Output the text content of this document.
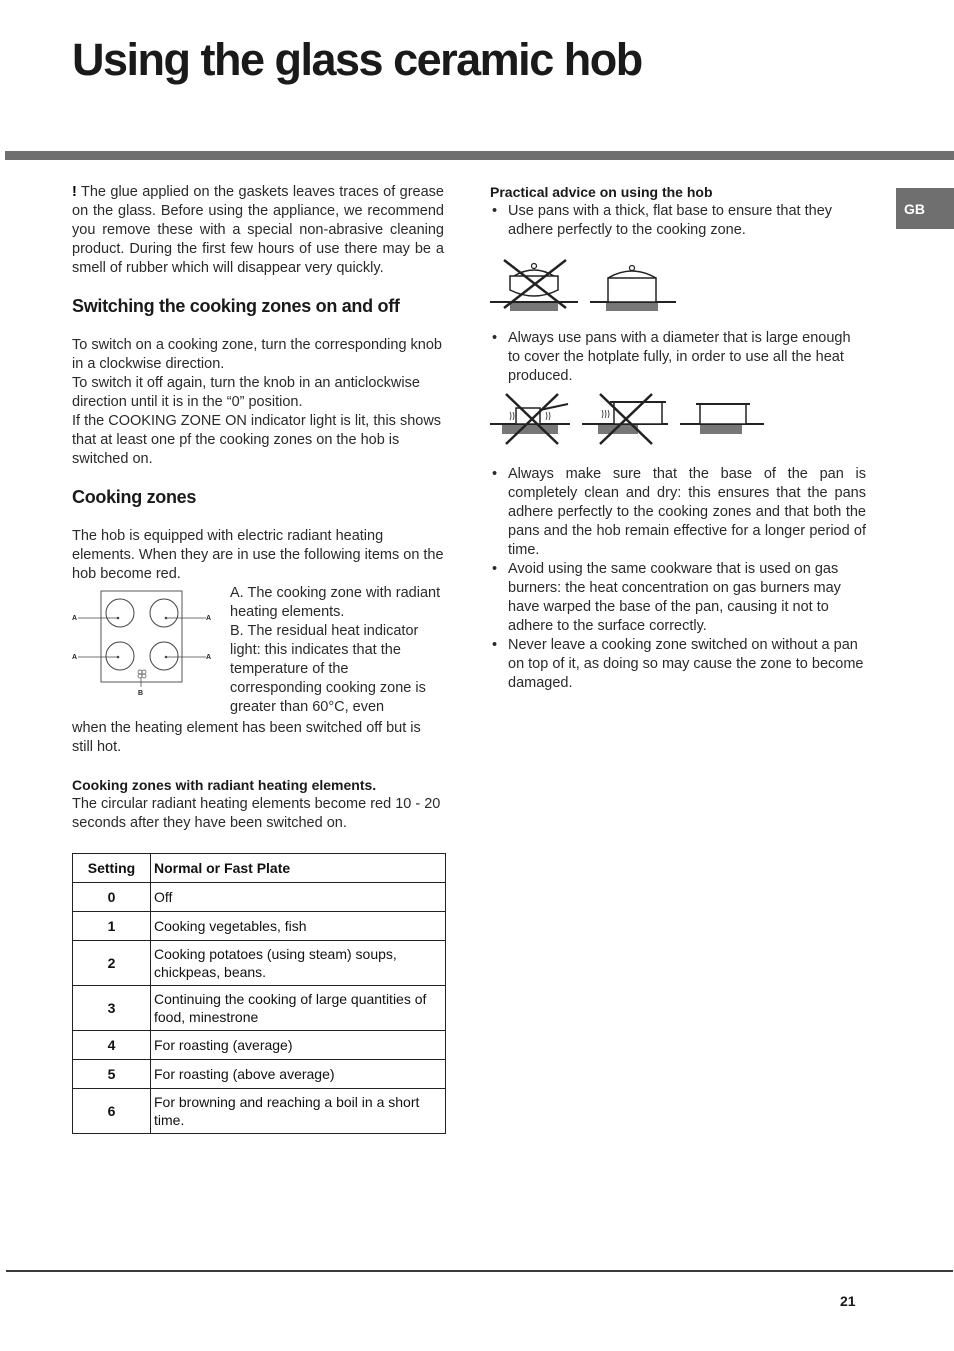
Using the glass ceramic hob
GB

! The glue applied on the gaskets leaves traces of grease on the glass. Before using the appliance, we recommend you remove these with a special non-abrasive cleaning product. During the first few hours of use there may be a smell of rubber which will disappear very quickly.

Switching the cooking zones on and off

To switch on a cooking zone, turn the corresponding knob in a clockwise direction.

To switch it off again, turn the knob in an anticlockwise direction until it is in the “0” position.

If the COOKING ZONE ON indicator light is lit, this shows that at least one pf the cooking zones on the hob is switched on.

Cooking zones

The hob is equipped with electric radiant heating elements. When they are in use the following items on the hob become red.

A	A
A	A
B

A. The cooking zone with radiant heating elements.

B. The residual heat indicator light: this indicates that the temperature of the corresponding cooking zone is greater than 60°C, even

when the heating element has been switched off but is still hot.

Cooking zones with radiant heating elements.

The circular radiant heating elements become red 10 - 20 seconds after they have been switched on.

Setting	Normal or Fast Plate
0	Off
1	Cooking vegetables, fish
2	Cooking potatoes (using steam) soups, chickpeas, beans.
3	Continuing the cooking of large quantities of food, minestrone
4	For roasting (average)
5	For roasting (above average)
6	For browning and reaching a boil in a short time.

Practical advice on using the hob

• Use pans with a thick, flat base to ensure that they adhere perfectly to the cooking zone.
• Always use pans with a diameter that is large enough to cover the hotplate fully, in order to use all the heat produced.
• Always make sure that the base of the pan is completely clean and dry: this ensures that the pans adhere perfectly to the cooking zones and that both the pans and the hob remain effective for a longer period of time.
• Avoid using the same cookware that is used on gas burners: the heat concentration on gas burners may have warped the base of the pan, causing it not to adhere to the surface correctly.
• Never leave a cooking zone switched on without a pan on top of it, as doing so may cause the zone to become damaged.
21
